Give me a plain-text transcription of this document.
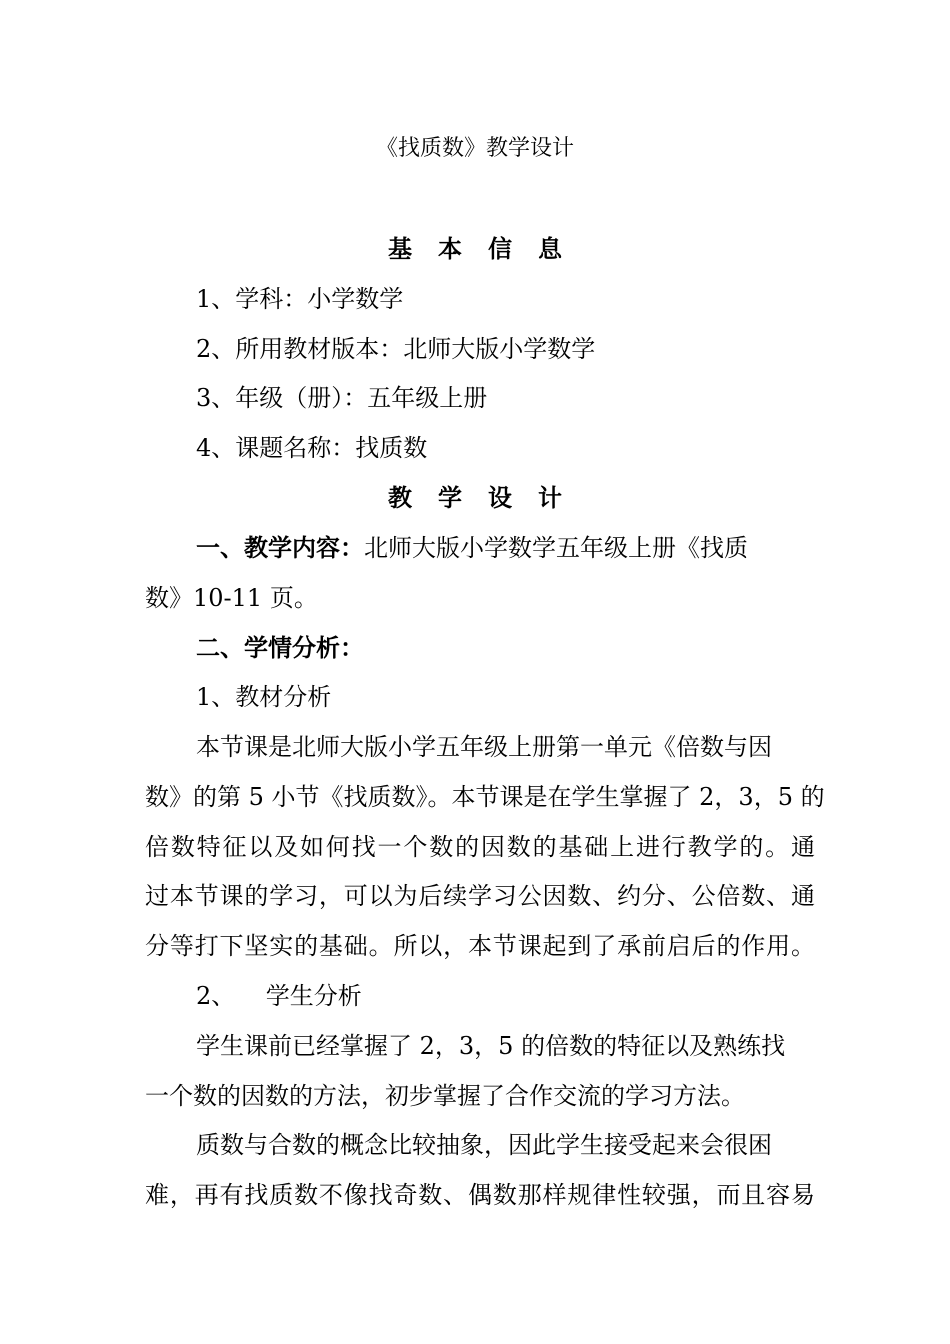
《找质数》教学设计
基本信息
1、学科：小学数学
2、所用教材版本：北师大版小学数学
3、年级（册）：五年级上册
4、课题名称：找质数
教学设计
一、教学内容：北师大版小学数学五年级上册《找质
数》10-11 页。
二、学情分析：
1、教材分析
本节课是北师大版小学五年级上册第一单元《倍数与因
数》的第 5 小节《找质数》。本节课是在学生掌握了 2，3，5 的
倍数特征以及如何找一个数的因数的基础上进行教学的。通
过本节课的学习，可以为后续学习公因数、约分、公倍数、通
分等打下坚实的基础。所以，本节课起到了承前启后的作用。
2、    学生分析
学生课前已经掌握了 2，3，5 的倍数的特征以及熟练找
一个数的因数的方法，初步掌握了合作交流的学习方法。
质数与合数的概念比较抽象，因此学生接受起来会很困
难，再有找质数不像找奇数、偶数那样规律性较强，而且容易
